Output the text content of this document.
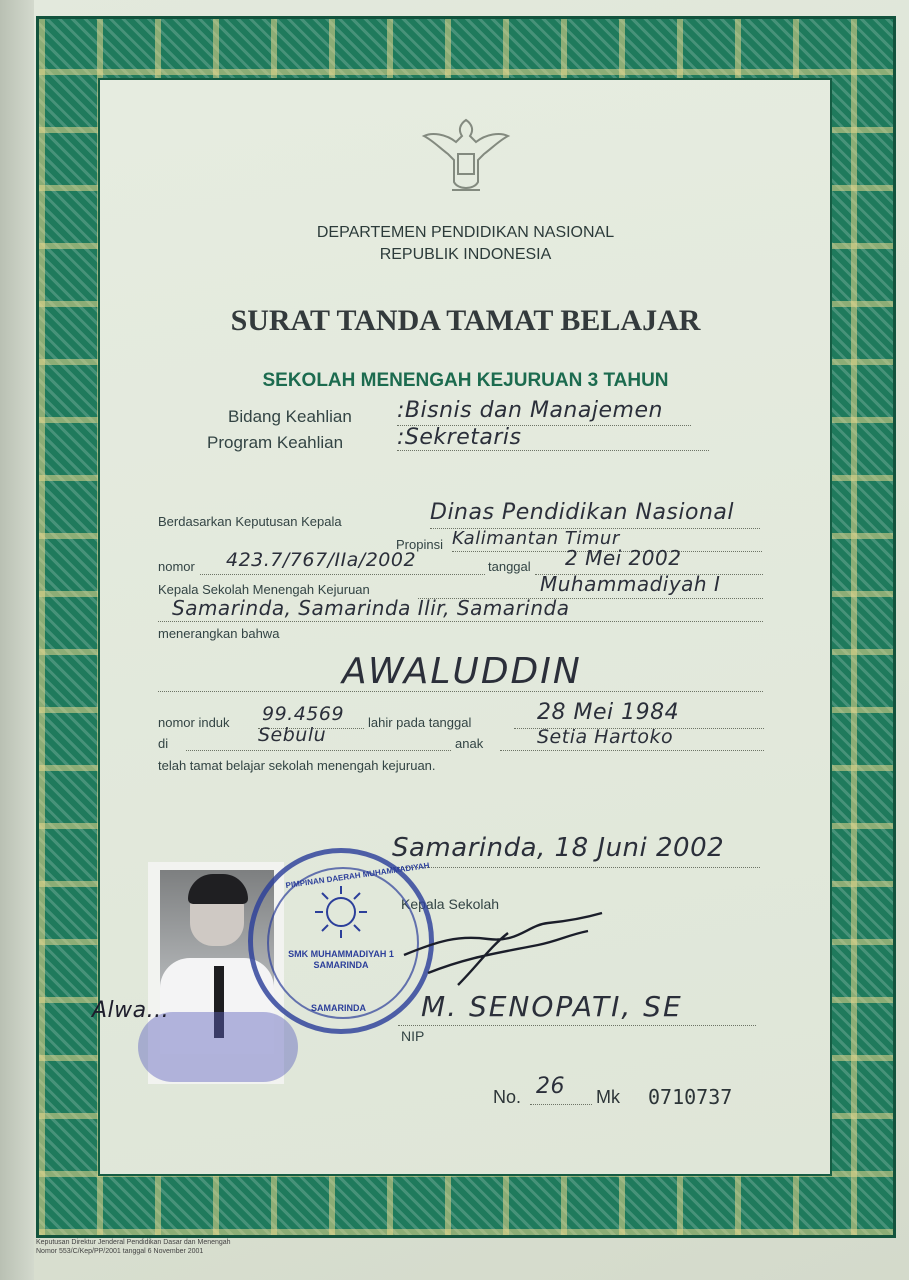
DEPARTEMEN PENDIDIKAN NASIONAL
REPUBLIK INDONESIA
SURAT TANDA TAMAT BELAJAR
SEKOLAH MENENGAH KEJURUAN 3 TAHUN
Bidang Keahlian :Bisnis dan Manajemen
Program Keahlian :Sekretaris
Berdasarkan Keputusan Kepala	Dinas Pendidikan Nasional
Propinsi Kalimantan Timur
nomor 423.7/767/IIa/2002	tanggal 2 Mei 2002
Kepala Sekolah Menengah Kejuruan	Muhammadiyah I
Samarinda, Samarinda Ilir, Samarinda
menerangkan bahwa
AWALUDDIN
nomor induk 99.4569 lahir pada tanggal	28 Mei 1984
di	Sebulu	anak	Setia Hartoko
telah tamat belajar sekolah menengah kejuruan.
Samarinda, 18 Juni 2002
Kepala Sekolah
Alwa...
PIMPINAN DAERAH MUHAMMADIYAH
SMK MUHAMMADIYAH 1 SAMARINDA
SAMARINDA M. SENOPATI, SE
NIP
No. 26 Mk 0710737
Keputusan Direktur Jenderal Pendidikan Dasar dan Menengah
Nomor 553/C/Kep/PP/2001 tanggal 6 November 2001
